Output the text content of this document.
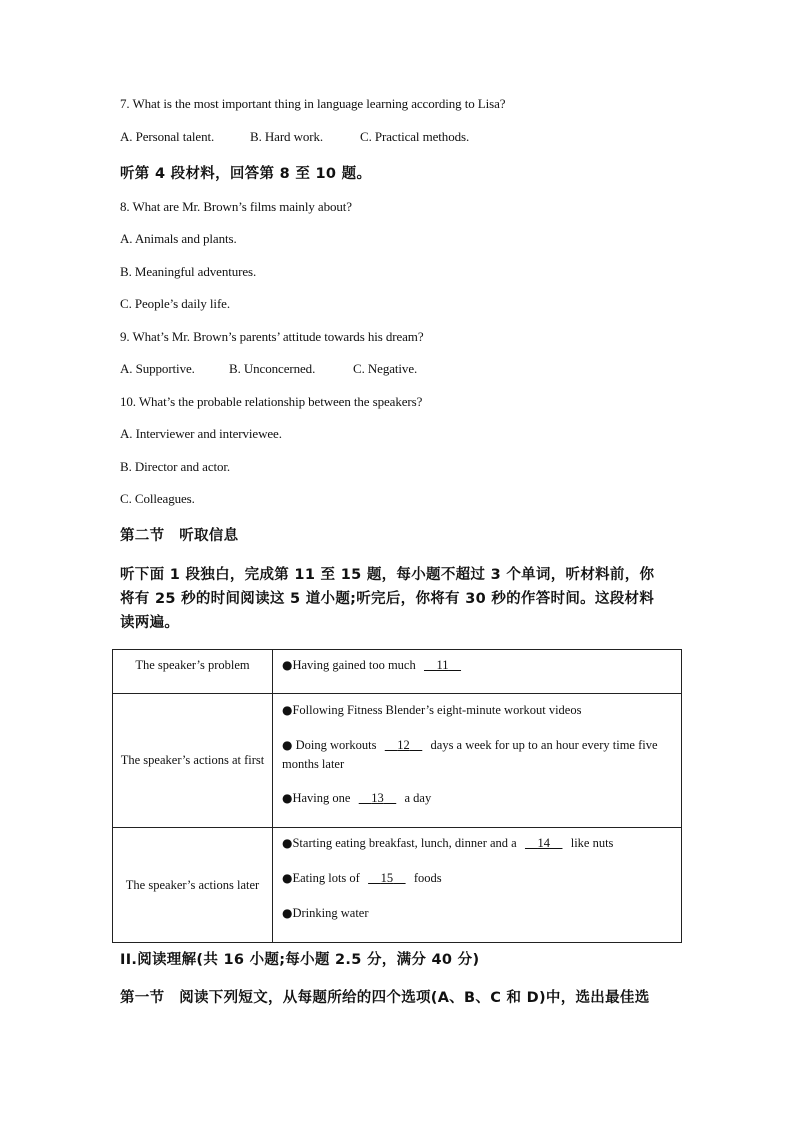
7. What is the most important thing in language learning according to Lisa?
A. Personal talent.	B. Hard work.	C. Practical methods.
听第 4 段材料，回答第 8 至 10 题。
8. What are Mr. Brown’s films mainly about?
A. Animals and plants.
B. Meaningful adventures.
C. People’s daily life.
9. What’s Mr. Brown’s parents’ attitude towards his dream?
A. Supportive.	B. Unconcerned.	C. Negative.
10. What’s the probable relationship between the speakers?
A. Interviewer and interviewee.
B. Director and actor.
C. Colleagues.
第二节　听取信息
听下面 1 段独白，完成第 11 至 15 题，每小题不超过 3 个单词，听材料前，你
将有 25 秒的时间阅读这 5 道小题;听完后，你将有 30 秒的作答时间。这段材料
读两遍。
The speaker’s problem	●Having gained too much 11

The speaker’s actions at first	●Following Fitness Blender’s eight-minute workout videos
● Doing workouts 12 days a week for up to an hour every time five months later
●Having one 13 a day

The speaker’s actions later	●Starting eating breakfast, lunch, dinner and a 14 like nuts
●Eating lots of 15 foods
●Drinking water
II.阅读理解(共 16 小题;每小题 2.5 分，满分 40 分)
第一节　阅读下列短文，从每题所给的四个选项(A、B、C 和 D)中，选出最佳选
